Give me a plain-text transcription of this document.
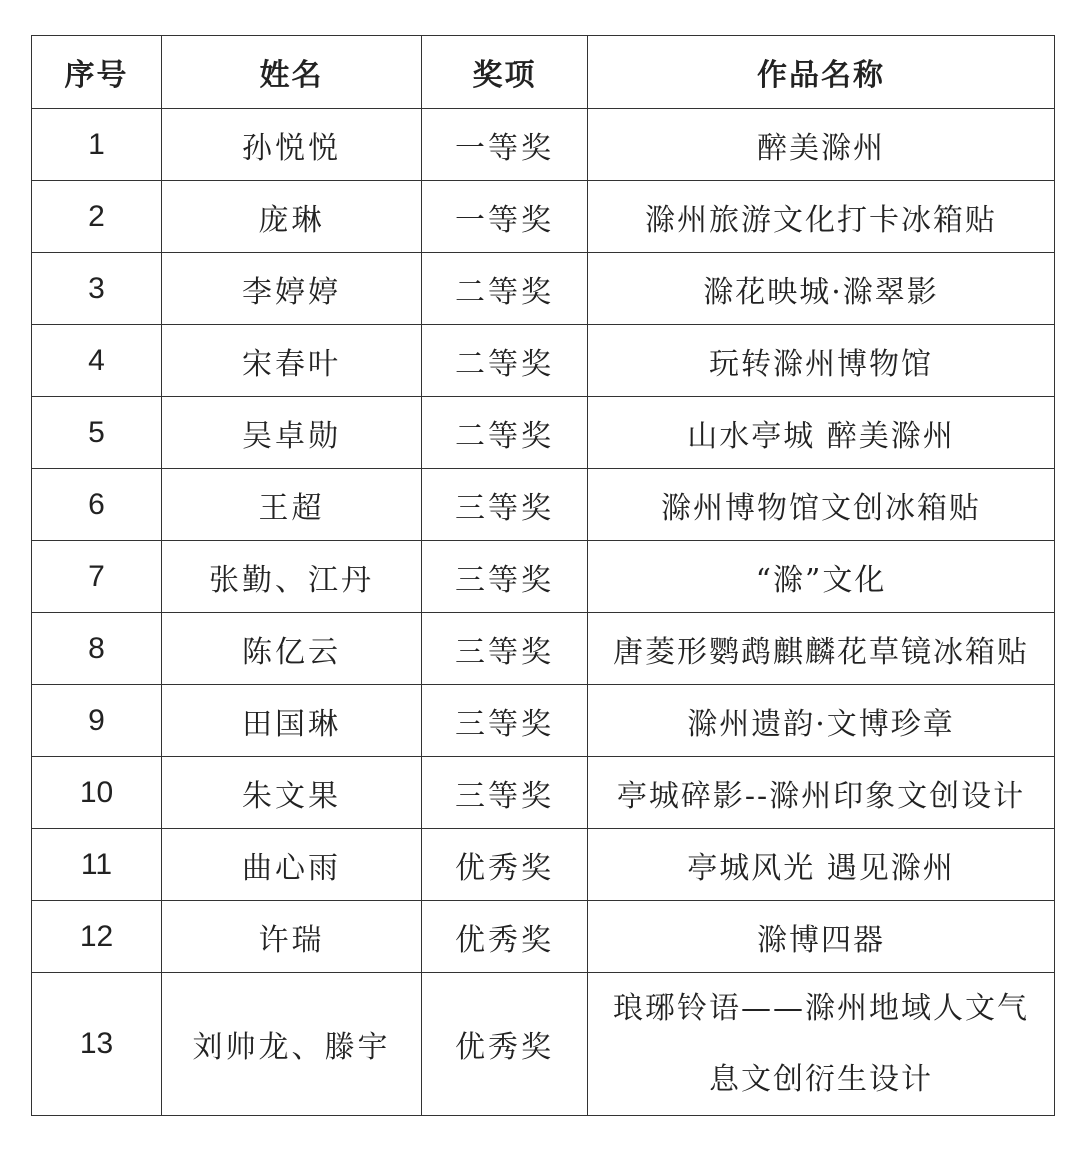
序号	姓名	奖项	作品名称
1	孙悦悦	一等奖	醉美滁州
2	庞琳	一等奖	滁州旅游文化打卡冰箱贴
3	李婷婷	二等奖	滁花映城·滁翠影
4	宋春叶	二等奖	玩转滁州博物馆
5	吴卓勋	二等奖	山水亭城 醉美滁州
6	王超	三等奖	滁州博物馆文创冰箱贴
7	张勤、江丹	三等奖	“滁”文化
8	陈亿云	三等奖	唐菱形鹦鹉麒麟花草镜冰箱贴
9	田国琳	三等奖	滁州遗韵·文博珍章
10	朱文果	三等奖	亭城碎影--滁州印象文创设计
11	曲心雨	优秀奖	亭城风光 遇见滁州
12	许瑞	优秀奖	滁博四器
13	刘帅龙、滕宇	优秀奖	琅琊铃语——滁州地域人文气息文创衍生设计
